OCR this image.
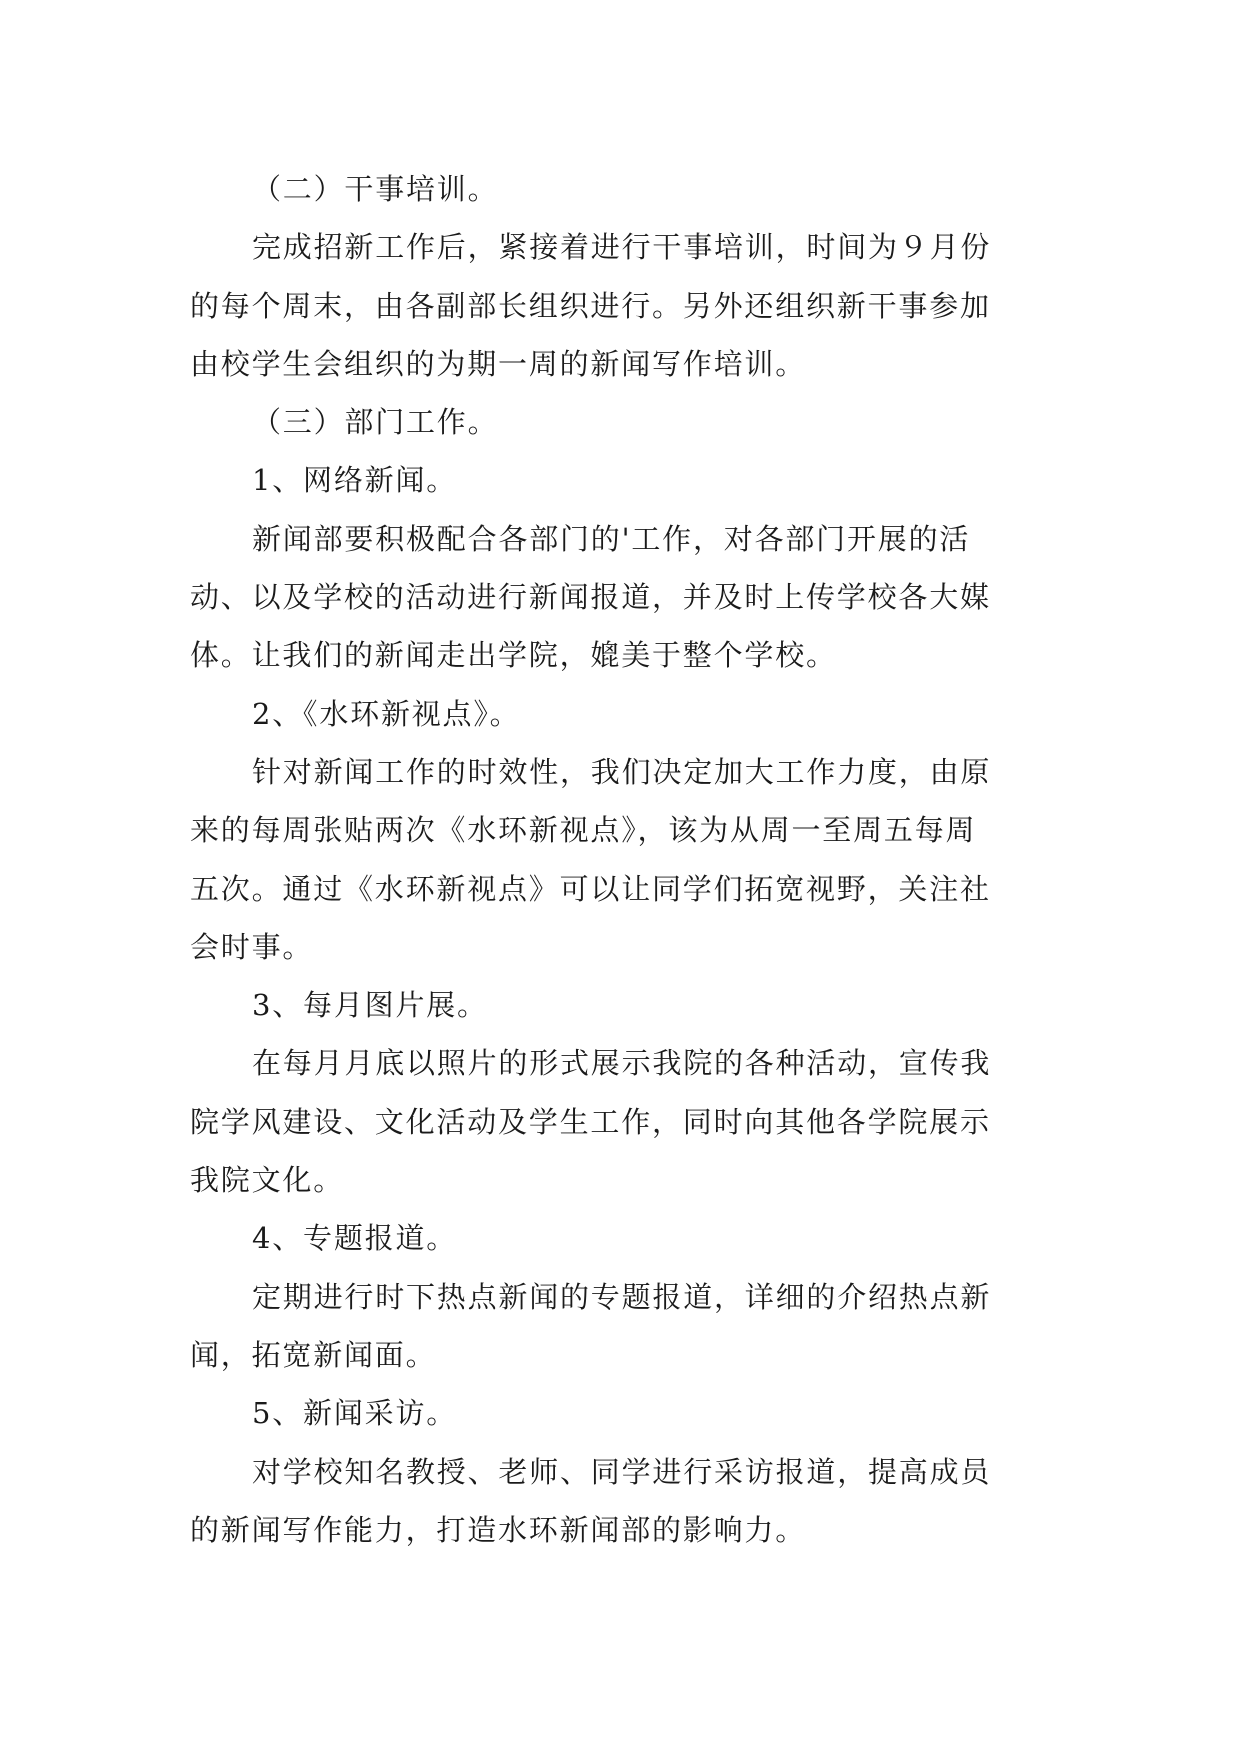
（二）干事培训。
完成招新工作后，紧接着进行干事培训，时间为９月份
的每个周末，由各副部长组织进行。另外还组织新干事参加
由校学生会组织的为期一周的新闻写作培训。
（三）部门工作。
1、网络新闻。
新闻部要积极配合各部门的'工作，对各部门开展的活
动、以及学校的活动进行新闻报道，并及时上传学校各大媒
体。让我们的新闻走出学院，媲美于整个学校。
2、《水环新视点》。
针对新闻工作的时效性，我们决定加大工作力度，由原
来的每周张贴两次《水环新视点》，该为从周一至周五每周
五次。通过《水环新视点》可以让同学们拓宽视野，关注社
会时事。
3、每月图片展。
在每月月底以照片的形式展示我院的各种活动，宣传我
院学风建设、文化活动及学生工作，同时向其他各学院展示
我院文化。
4、专题报道。
定期进行时下热点新闻的专题报道，详细的介绍热点新
闻，拓宽新闻面。
5、新闻采访。
对学校知名教授、老师、同学进行采访报道，提高成员
的新闻写作能力，打造水环新闻部的影响力。
